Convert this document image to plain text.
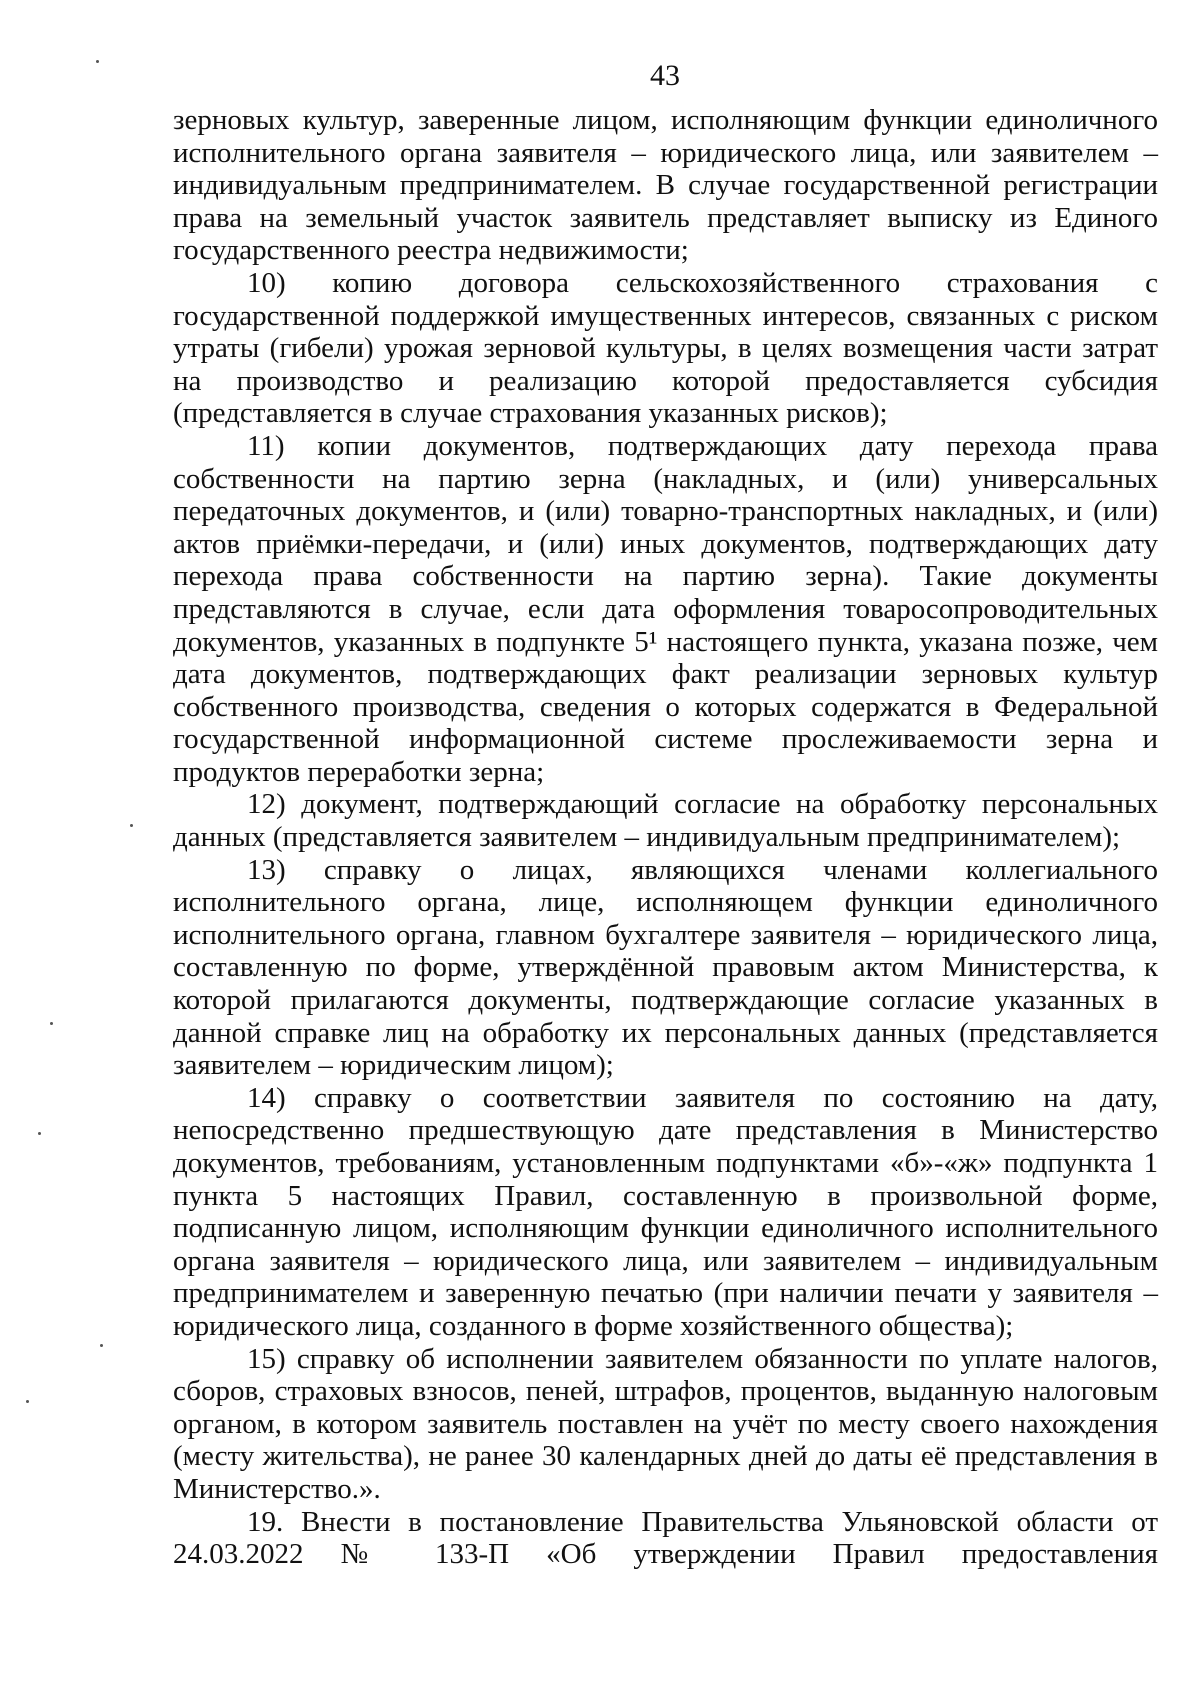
43

зерновых культур, заверенные лицом, исполняющим функции единоличного исполнительного органа заявителя – юридического лица, или заявителем – индивидуальным предпринимателем. В случае государственной регистрации права на земельный участок заявитель представляет выписку из Единого государственного реестра недвижимости;

10) копию договора сельскохозяйственного страхования с государственной поддержкой имущественных интересов, связанных с риском утраты (гибели) урожая зерновой культуры, в целях возмещения части затрат на производство и реализацию которой предоставляется субсидия (представляется в случае страхования указанных рисков);

11) копии документов, подтверждающих дату перехода права собственности на партию зерна (накладных, и (или) универсальных передаточных документов, и (или) товарно-транспортных накладных, и (или) актов приёмки-передачи, и (или) иных документов, подтверждающих дату перехода права собственности на партию зерна). Такие документы представляются в случае, если дата оформления товаросопроводительных документов, указанных в подпункте 5¹ настоящего пункта, указана позже, чем дата документов, подтверждающих факт реализации зерновых культур собственного производства, сведения о которых содержатся в Федеральной государственной информационной системе прослеживаемости зерна и продуктов переработки зерна;

12) документ, подтверждающий согласие на обработку персональных данных (представляется заявителем – индивидуальным предпринимателем);

13) справку о лицах, являющихся членами коллегиального исполнительного органа, лице, исполняющем функции единоличного исполнительного органа, главном бухгалтере заявителя – юридического лица, составленную по форме, утверждённой правовым актом Министерства, к которой прилагаются документы, подтверждающие согласие указанных в данной справке лиц на обработку их персональных данных (представляется заявителем – юридическим лицом);

14) справку о соответствии заявителя по состоянию на дату, непосредственно предшествующую дате представления в Министерство документов, требованиям, установленным подпунктами «б»-«ж» подпункта 1 пункта 5 настоящих Правил, составленную в произвольной форме, подписанную лицом, исполняющим функции единоличного исполнительного органа заявителя – юридического лица, или заявителем – индивидуальным предпринимателем и заверенную печатью (при наличии печати у заявителя – юридического лица, созданного в форме хозяйственного общества);

15) справку об исполнении заявителем обязанности по уплате налогов, сборов, страховых взносов, пеней, штрафов, процентов, выданную налоговым органом, в котором заявитель поставлен на учёт по месту своего нахождения (месту жительства), не ранее 30 календарных дней до даты её представления в Министерство.».

19. Внести в постановление Правительства Ульяновской области от 24.03.2022 № 133-П «Об утверждении Правил предоставления
